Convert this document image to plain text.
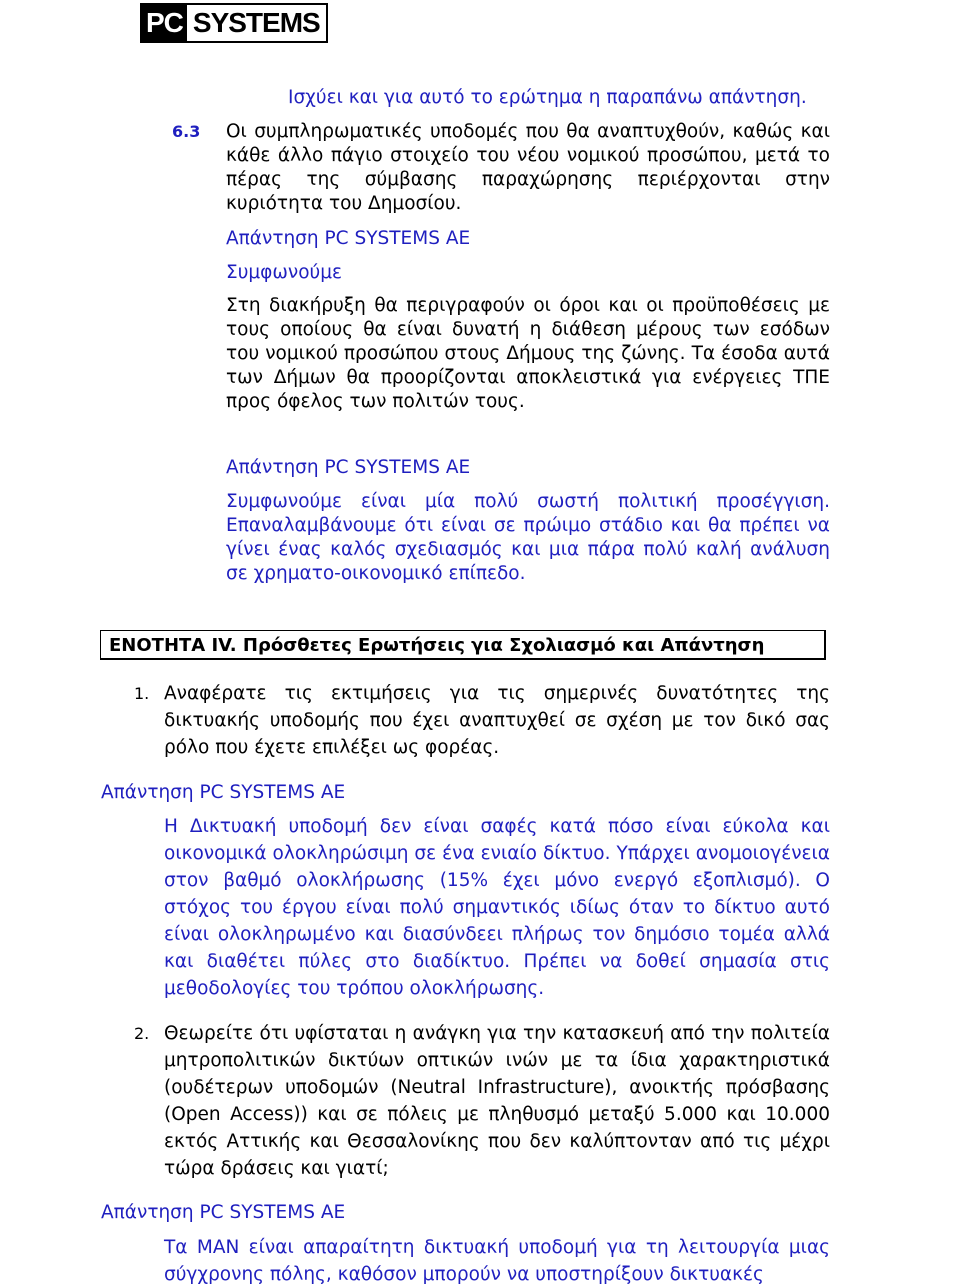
PC SYSTEMS

Ισχύει και για αυτό το ερώτημα η παραπάνω απάντηση.

6.3 Οι συμπληρωματικές υποδομές που θα αναπτυχθούν, καθώς και κάθε άλλο πάγιο στοιχείο του νέου νομικού προσώπου, μετά το πέρας της σύμβασης παραχώρησης περιέρχονται στην κυριότητα του Δημοσίου.

Απάντηση PC SYSTEMS AE

Συμφωνούμε

Στη διακήρυξη θα περιγραφούν οι όροι και οι προϋποθέσεις με τους οποίους θα είναι δυνατή η διάθεση μέρους των εσόδων του νομικού προσώπου στους Δήμους της ζώνης. Τα έσοδα αυτά των Δήμων θα προορίζονται αποκλειστικά για ενέργειες ΤΠΕ προς όφελος των πολιτών τους.

Απάντηση PC SYSTEMS AE

Συμφωνούμε είναι μία πολύ σωστή πολιτική προσέγγιση. Επαναλαμβάνουμε ότι είναι σε πρώιμο στάδιο και θα πρέπει να γίνει ένας καλός σχεδιασμός και μια πάρα πολύ καλή ανάλυση σε χρηματο-οικονομικό επίπεδο.

ΕΝΟΤΗΤΑ IV. Πρόσθετες Ερωτήσεις για Σχολιασμό και Απάντηση
1. Αναφέρατε τις εκτιμήσεις για τις σημερινές δυνατότητες της δικτυακής υποδομής που έχει αναπτυχθεί σε σχέση με τον δικό σας ρόλο που έχετε επιλέξει ως φορέας.

Απάντηση PC SYSTEMS AE

Η Δικτυακή υποδομή δεν είναι σαφές κατά πόσο είναι εύκολα και οικονομικά ολοκληρώσιμη σε ένα ενιαίο δίκτυο. Υπάρχει ανομοιογένεια στον βαθμό ολοκλήρωσης (15% έχει μόνο ενεργό εξοπλισμό). Ο στόχος του έργου είναι πολύ σημαντικός ιδίως όταν το δίκτυο αυτό είναι ολοκληρωμένο και διασύνδεει πλήρως τον δημόσιο τομέα αλλά και διαθέτει πύλες στο διαδίκτυο. Πρέπει να δοθεί σημασία στις μεθοδολογίες του τρόπου ολοκλήρωσης.

2. Θεωρείτε ότι υφίσταται η ανάγκη για την κατασκευή από την πολιτεία μητροπολιτικών δικτύων οπτικών ινών με τα ίδια χαρακτηριστικά (ουδέτερων υποδομών (Neutral Infrastructure), ανοικτής πρόσβασης (Open Access)) και σε πόλεις με πληθυσμό μεταξύ 5.000 και 10.000 εκτός Αττικής και Θεσσαλονίκης που δεν καλύπτονταν από τις μέχρι τώρα δράσεις και γιατί;

Απάντηση PC SYSTEMS AE

Τα MAN είναι απαραίτητη δικτυακή υποδομή για τη λειτουργία μιας σύγχρονης πόλης, καθόσον μπορούν να υποστηρίξουν δικτυακές
